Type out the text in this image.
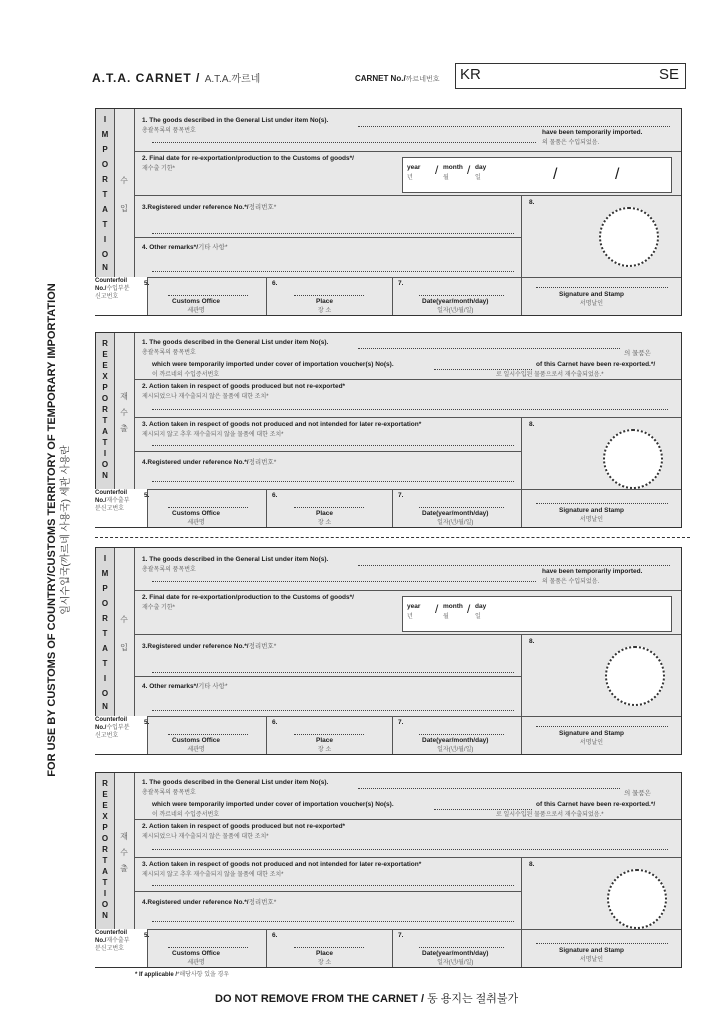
A.T.A. CARNET / A.T.A.까르네	CARNET No./까르네번호 KR	SE
FOR USE BY CUSTOMS OF COUNTRY/CUSTOMS TERRITORY OF TEMPORARY IMPORTATION 일시수입국(까르네 사용국) 세관 사용란
I
M
P
O
R
T
A
T
I
O
N
수
입
1. The goods described in the General List under item No(s).
총괄목록의 품목번호	have been temporarily imported.
의 물품은 수입되었음.
2. Final date for re-exportation/production to the Customs of goods*/
재수출 기한*	year
년
/ month
월
/ day
일	/	/
3.Registered under reference No.*/정리번호*
4. Other remarks*/기타 사항*
8.
Counterfoil
No./수입부분
신고번호
5.	6.	7.
Customs Office
세관명
Place
장 소
Date(year/month/day)
일자(년/월/일)
Signature and Stamp
서명날인
R
E
E
X
P
O
R
T
A
T
I
O
N
재
수
출
1. The goods described in the General List under item No(s).
총괄목록의 품목번호	의 물품은
which were temporarily imported under cover of importation voucher(s) No(s).
이 까르네의 수입증서번호
of this Carnet have been re-exported.*/
로 일시수입된 물품으로서 재수출되었음.*
2. Action taken in respect of goods produced but not re-exported*
제시되었으나 재수출되지 않은 물품에 대한 조치*
3. Action taken in respect of goods not produced and not intended for later re-exportation*
제시되지 않고 추후 재수출되지 않을 물품에 대한 조치*
4.Registered under reference No.*/정리번호*
8.
Counterfoil
No./재수출부
분신고번호
5.	6.	7.
Customs Office
세관명
Place
장 소
Date(year/month/day)
일자(년/월/일)
Signature and Stamp
서명날인
I
M
P
O
R
T
A
T
I
O
N
수
입
1. The goods described in the General List under item No(s).
총괄목록의 품목번호	have been temporarily imported.
의 물품은 수입되었음.
2. Final date for re-exportation/production to the Customs of goods*/
재수출 기한*	year
년
/ month
월
/ day
일
3.Registered under reference No.*/정리번호*
4. Other remarks*/기타 사항*
8.
Counterfoil
No./수입부분
신고번호
5.	6.	7.
Customs Office
세관명
Place
장 소
Date(year/month/day)
일자(년/월/일)
Signature and Stamp
서명날인
R
E
E
X
P
O
R
T
A
T
I
O
N
재
수
출
1. The goods described in the General List under item No(s).
총괄목록의 품목번호	의 물품은
which were temporarily imported under cover of importation voucher(s) No(s).
이 까르네의 수입증서번호
of this Carnet have been re-exported.*/
로 일시수입된 물품으로서 재수출되었음.*
2. Action taken in respect of goods produced but not re-exported*
제시되었으나 재수출되지 않은 물품에 대한 조치*
3. Action taken in respect of goods not produced and not intended for later re-exportation*
제시되지 않고 추후 재수출되지 않을 물품에 대한 조치*
4.Registered under reference No.*/정리번호*
8.
Counterfoil
No./재수출부
분신고번호
5.	6.	7.
Customs Office
세관명
Place
장 소
Date(year/month/day)
일자(년/월/일)
Signature and Stamp
서명날인
* If applicable /*해당사항 있을 경우
DO NOT REMOVE FROM THE CARNET / 동 용지는 절취불가
